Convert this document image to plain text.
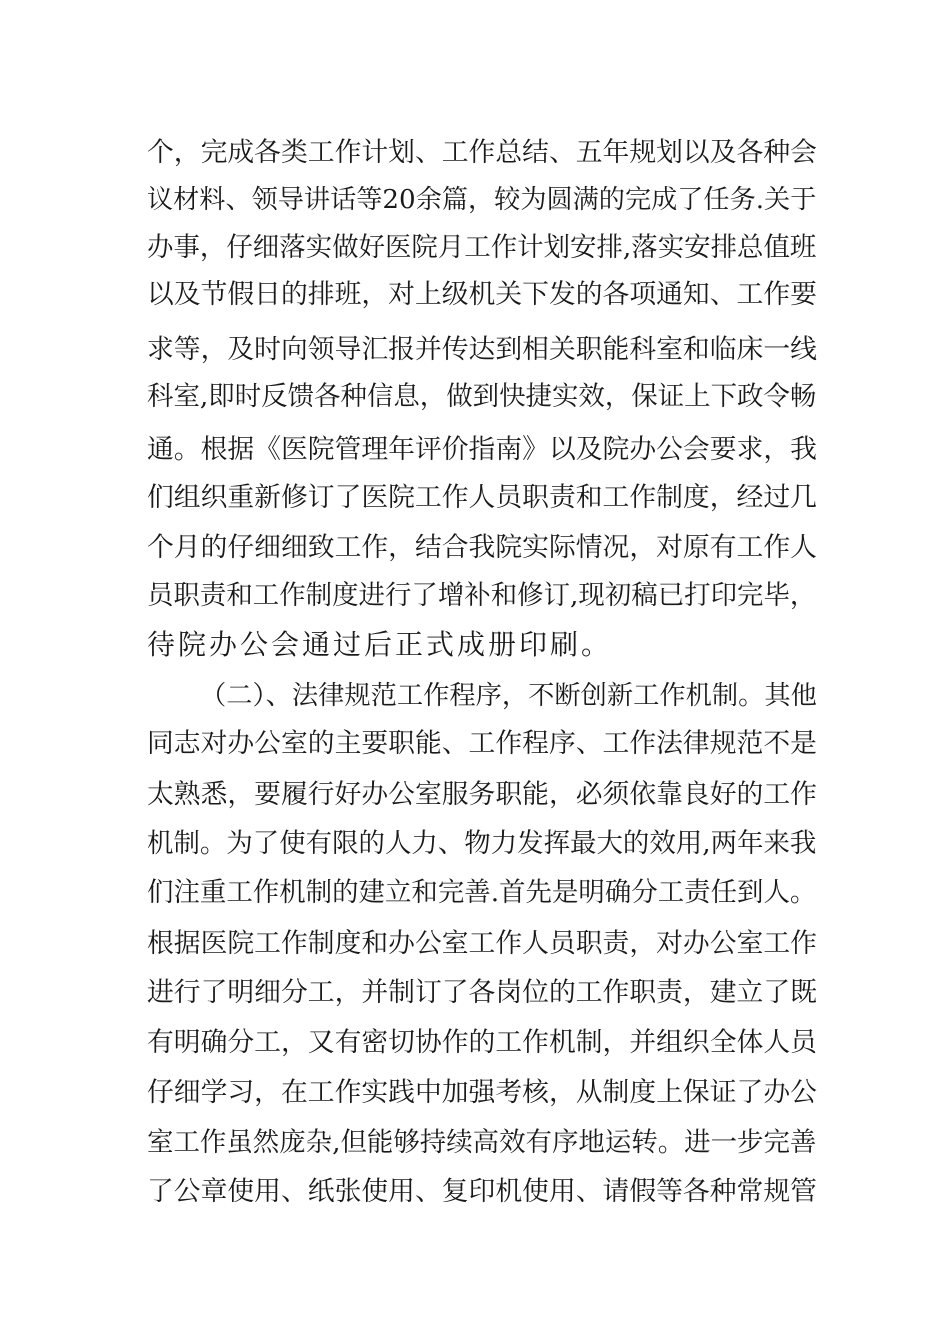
个，完成各类工作计划、工作总结、五年规划以及各种会
议材料、领导讲话等20余篇，较为圆满的完成了任务.关于
办事，仔细落实做好医院月工作计划安排,落实安排总值班
以及节假日的排班，对上级机关下发的各项通知、工作要
求等，及时向领导汇报并传达到相关职能科室和临床一线
科室,即时反馈各种信息，做到快捷实效，保证上下政令畅
通。根据《医院管理年评价指南》以及院办公会要求，我
们组织重新修订了医院工作人员职责和工作制度，经过几
个月的仔细细致工作，结合我院实际情况，对原有工作人
员职责和工作制度进行了增补和修订,现初稿已打印完毕，
待院办公会通过后正式成册印刷。
（二）、法律规范工作程序，不断创新工作机制。其他
同志对办公室的主要职能、工作程序、工作法律规范不是
太熟悉，要履行好办公室服务职能，必须依靠良好的工作
机制。为了使有限的人力、物力发挥最大的效用,两年来我
们注重工作机制的建立和完善.首先是明确分工责任到人。
根据医院工作制度和办公室工作人员职责，对办公室工作
进行了明细分工，并制订了各岗位的工作职责，建立了既
有明确分工，又有密切协作的工作机制，并组织全体人员
仔细学习，在工作实践中加强考核，从制度上保证了办公
室工作虽然庞杂,但能够持续高效有序地运转。进一步完善
了公章使用、纸张使用、复印机使用、请假等各种常规管
